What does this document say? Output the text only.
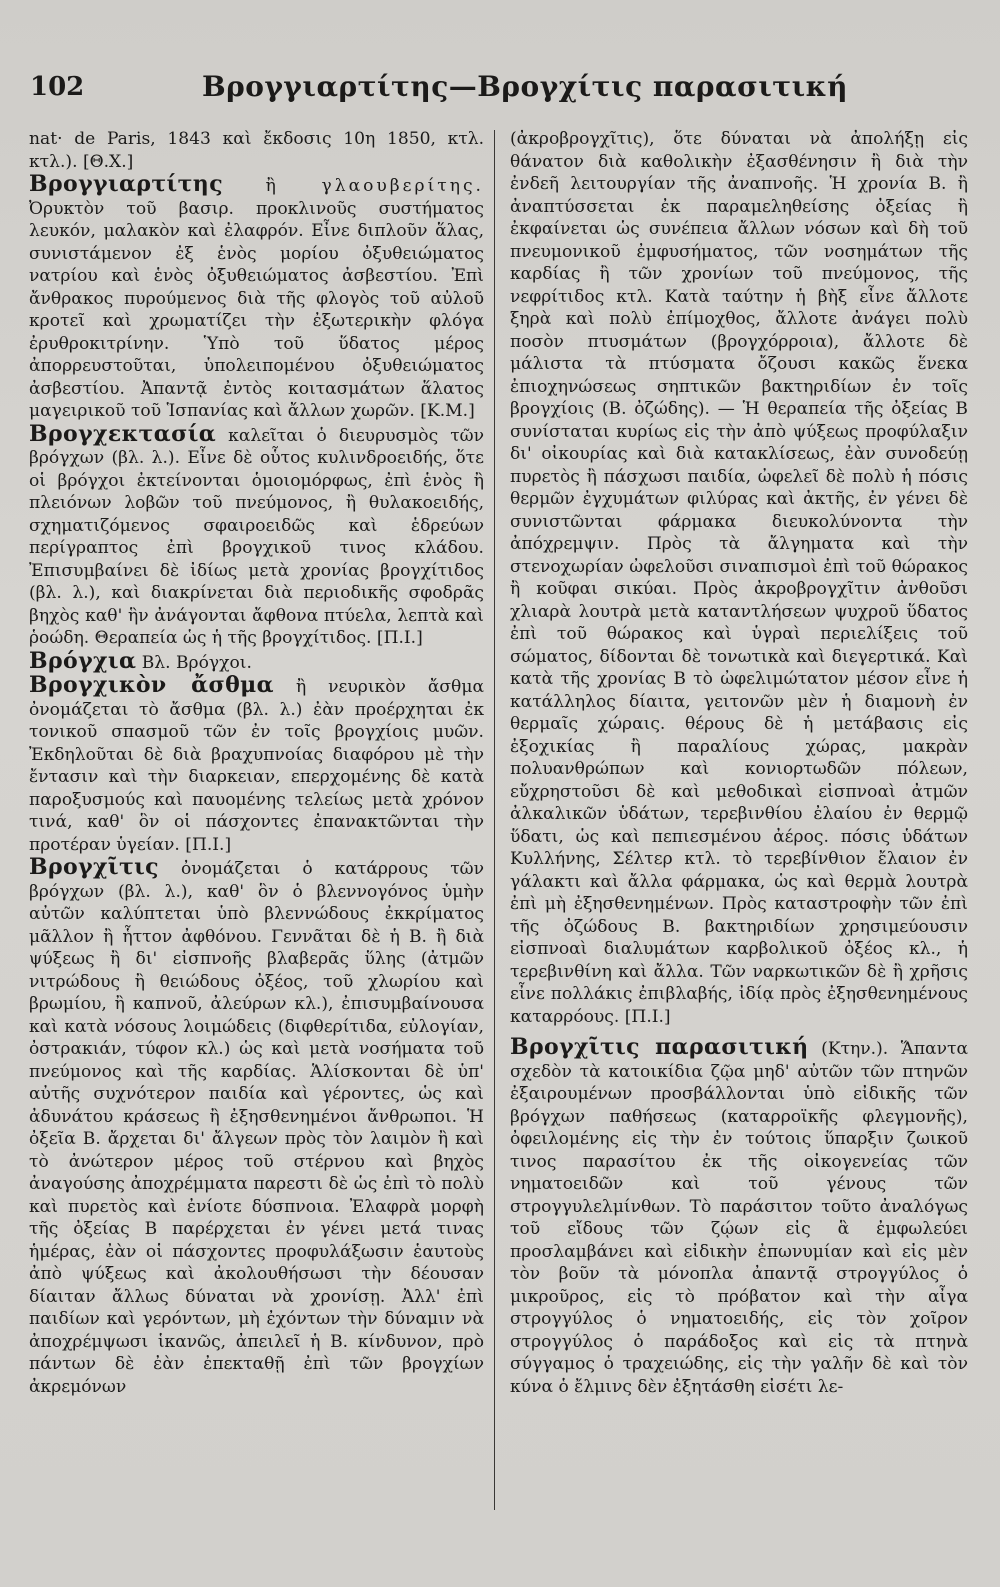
102	Βρογγιαρτίτης—Βρογχίτις παρασιτική

nat· de Paris, 1843 καὶ ἔκδοσις 10η 1850, κτλ. κτλ.). [Θ.Χ.]

Βρογγιαρτίτης ἢ γλαουβερίτης. Ὀρυκτὸν τοῦ βασιρ. προκλινοῦς συστήματος λευκόν, μαλακὸν καὶ ἐλαφρόν. Εἶνε διπλοῦν ἅλας, συνιστάμενον ἐξ ἑνὸς μορίου ὀξυθειώματος νατρίου καὶ ἑνὸς ὀξυθειώματος ἀσβεστίου. Ἐπὶ ἄνθρακος πυρούμενος διὰ τῆς φλογὸς τοῦ αὐλοῦ κροτεῖ καὶ χρωματίζει τὴν ἐξωτερικὴν φλόγα ἐρυθροκιτρίνην. Ὑπὸ τοῦ ὕδατος μέρος ἀπορρευστοῦται, ὑπολειπομένου ὀξυθειώματος ἀσβεστίου. Ἀπαντᾷ ἐντὸς κοιτασμάτων ἅλατος μαγειρικοῦ τοῦ Ἱσπανίας καὶ ἄλλων χωρῶν. [Κ.Μ.]

Βρογχεκτασία καλεῖται ὁ διευρυσμὸς τῶν βρόγχων (βλ. λ.). Εἶνε δὲ οὗτος κυλινδροειδής, ὅτε οἱ βρόγχοι ἐκτείνονται ὁμοιομόρφως, ἐπὶ ἑνὸς ἢ πλειόνων λοβῶν τοῦ πνεύμονος, ἢ θυλακοειδής, σχηματιζόμενος σφαιροειδῶς καὶ ἑδρεύων περίγραπτος ἐπὶ βρογχικοῦ τινος κλάδου. Ἐπισυμβαίνει δὲ ἰδίως μετὰ χρονίας βρογχίτιδος (βλ. λ.), καὶ διακρίνεται διὰ περιοδικῆς σφοδρᾶς βηχὸς καθ' ἣν ἀνάγονται ἄφθονα πτύελα, λεπτὰ καὶ ῥοώδη. Θεραπεία ὡς ἡ τῆς βρογχίτιδος. [Π.Ι.]

Βρόγχια Βλ. Βρόγχοι.

Βρογχικὸν ἄσθμα ἢ νευρικὸν ἄσθμα ὀνομάζεται τὸ ἄσθμα (βλ. λ.) ἐὰν προέρχηται ἐκ τονικοῦ σπασμοῦ τῶν ἐν τοῖς βρογχίοις μυῶν. Ἐκδηλοῦται δὲ διὰ βραχυπνοίας διαφόρου μὲ τὴν ἔντασιν καὶ τὴν διαρκειαν, επερχομένης δὲ κατὰ παροξυσμούς καὶ παυομένης τελείως μετὰ χρόνον τινά, καθ' ὃν οἱ πάσχοντες ἐπανακτῶνται τὴν προτέραν ὑγείαν. [Π.Ι.]

Βρογχῖτις ὀνομάζεται ὁ κατάρρους τῶν βρόγχων (βλ. λ.), καθ' ὃν ὁ βλεννογόνος ὑμὴν αὐτῶν καλύπτεται ὑπὸ βλεννώδους ἐκκρίματος μᾶλλον ἢ ἧττον ἀφθόνου. Γεννᾶται δὲ ἡ Β. ἢ διὰ ψύξεως ἢ δι' εἰσπνοῆς βλαβερᾶς ὕλης (ἀτμῶν νιτρώδους ἢ θειώδους ὀξέος, τοῦ χλωρίου καὶ βρωμίου, ἢ καπνοῦ, ἀλεύρων κλ.), ἐπισυμβαίνουσα καὶ κατὰ νόσους λοιμώδεις (διφθερίτιδα, εὐλογίαν, ὀστρακιάν, τύφον κλ.) ὡς καὶ μετὰ νοσήματα τοῦ πνεύμονος καὶ τῆς καρδίας. Ἁλίσκονται δὲ ὑπ' αὐτῆς συχνότερον παιδία καὶ γέροντες, ὡς καὶ ἀδυνάτου κράσεως ἢ ἐξησθενημένοι ἄνθρωποι. Ἡ ὀξεῖα Β. ἄρχεται δι' ἄλγεων πρὸς τὸν λαιμὸν ἢ καὶ τὸ ἀνώτερον μέρος τοῦ στέρνου καὶ βηχὸς ἀναγούσης ἀποχρέμματα παρεστι δὲ ὡς ἐπὶ τὸ πολὺ καὶ πυρετὸς καὶ ἐνίοτε δύσπνοια. Ἐλαφρὰ μορφὴ τῆς ὀξείας Β παρέρχεται ἐν γένει μετά τινας ἡμέρας, ἐὰν οἱ πάσχοντες προφυλάξωσιν ἑαυτοὺς ἀπὸ ψύξεως καὶ ἀκολουθήσωσι τὴν δέουσαν δίαιταν ἄλλως δύναται νὰ χρονίσῃ. Ἀλλ' ἐπὶ παιδίων καὶ γερόντων, μὴ ἐχόντων τὴν δύναμιν νὰ ἀποχρέμψωσι ἱκανῶς, ἀπειλεῖ ἡ Β. κίνδυνον, πρὸ πάντων δὲ ἐὰν ἐπεκταθῇ ἐπὶ τῶν βρογχίων ἀκρεμόνων

(ἀκροβρογχῖτις), ὅτε δύναται νὰ ἀπολήξῃ εἰς θάνατον διὰ καθολικὴν ἐξασθένησιν ἢ διὰ τὴν ἐνδεῆ λειτουργίαν τῆς ἀναπνοῆς. Ἡ χρονία Β. ἢ ἀναπτύσσεται ἐκ παραμεληθείσης ὀξείας ἢ ἐκφαίνεται ὡς συνέπεια ἄλλων νόσων καὶ δὴ τοῦ πνευμονικοῦ ἐμφυσήματος, τῶν νοσημάτων τῆς καρδίας ἢ τῶν χρονίων τοῦ πνεύμονος, τῆς νεφρίτιδος κτλ. Κατὰ ταύτην ἡ βὴξ εἶνε ἄλλοτε ξηρὰ καὶ πολὺ ἐπίμοχθος, ἄλλοτε ἀνάγει πολὺ ποσὸν πτυσμάτων (βρογχόρροια), ἄλλοτε δὲ μάλιστα τὰ πτύσματα ὄζουσι κακῶς ἕνεκα ἐπιοχηνώσεως σηπτικῶν βακτηριδίων ἐν τοῖς βρογχίοις (Β. ὀζώδης). — Ἡ θεραπεία τῆς ὀξείας Β συνίσταται κυρίως εἰς τὴν ἀπὸ ψύξεως προφύλαξιν δι' οἰκουρίας καὶ διὰ κατακλίσεως, ἐὰν συνοδεύῃ πυρετὸς ἢ πάσχωσι παιδία, ὠφελεῖ δὲ πολὺ ἡ πόσις θερμῶν ἐγχυμάτων φιλύρας καὶ ἀκτῆς, ἐν γένει δὲ συνιστῶνται φάρμακα διευκολύνοντα τὴν ἀπόχρεμψιν. Πρὸς τὰ ἄλγηματα καὶ τὴν στενοχωρίαν ὠφελοῦσι σιναπισμοὶ ἐπὶ τοῦ θώρακος ἢ κοῦφαι σικύαι. Πρὸς ἀκροβρογχῖτιν ἀνθοῦσι χλιαρὰ λουτρὰ μετὰ καταντλήσεων ψυχροῦ ὕδατος ἐπὶ τοῦ θώρακος καὶ ὑγραὶ περιελίξεις τοῦ σώματος, δίδονται δὲ τονωτικὰ καὶ διεγερτικά. Καὶ κατὰ τῆς χρονίας Β τὸ ὠφελιμώτατον μέσον εἶνε ἡ κατάλληλος δίαιτα, γειτονῶν μὲν ἡ διαμονὴ ἐν θερμαῖς χώραις. θέρους δὲ ἡ μετάβασις εἰς ἐξοχικίας ἢ παραλίους χώρας, μακρὰν πολυανθρώπων καὶ κονιορτωδῶν πόλεων, εὔχρηστοῦσι δὲ καὶ μεθοδικαὶ εἰσπνοαὶ ἀτμῶν ἀλκαλικῶν ὑδάτων, τερεβινθίου ἐλαίου ἐν θερμῷ ὕδατι, ὡς καὶ πεπιεσμένου ἀέρος. πόσις ὑδάτων Κυλλήνης, Σέλτερ κτλ. τὸ τερεβίνθιον ἔλαιον ἐν γάλακτι καὶ ἄλλα φάρμακα, ὡς καὶ θερμὰ λουτρὰ ἐπὶ μὴ ἐξησθενημένων. Πρὸς καταστροφὴν τῶν ἐπὶ τῆς ὀζώδους Β. βακτηριδίων χρησιμεύουσιν εἰσπνοαὶ διαλυμάτων καρβολικοῦ ὀξέος κλ., ἡ τερεβινθίνη καὶ ἄλλα. Τῶν ναρκωτικῶν δὲ ἢ χρῆσις εἶνε πολλάκις ἐπιβλαβής, ἰδίᾳ πρὸς ἐξησθενημένους καταρρόους. [Π.Ι.]

Βρογχῖτις παρασιτική (Κτην.). Ἅπαντα σχεδὸν τὰ κατοικίδια ζῷα μηδ' αὐτῶν τῶν πτηνῶν ἐξαιρουμένων προσβάλλονται ὑπὸ εἰδικῆς τῶν βρόγχων παθήσεως (καταρροϊκῆς φλεγμονῆς), ὀφειλομένης εἰς τὴν ἐν τούτοις ὕπαρξιν ζωικοῦ τινος παρασίτου ἐκ τῆς οἰκογενείας τῶν νηματοειδῶν καὶ τοῦ γένους τῶν στρογγυλελμίνθων. Τὸ παράσιτον τοῦτο ἀναλόγως τοῦ εἴδους τῶν ζῴων εἰς ἃ ἐμφωλεύει προσλαμβάνει καὶ εἰδικὴν ἐπωνυμίαν καὶ εἰς μὲν τὸν βοῦν τὰ μόνοπλα ἀπαντᾷ στρογγύλος ὁ μικροῦρος, εἰς τὸ πρόβατον καὶ τὴν αἶγα στρογγύλος ὁ νηματοειδής, εἰς τὸν χοῖρον στρογγύλος ὁ παράδοξος καὶ εἰς τὰ πτηνὰ σύγγαμος ὁ τραχειώδης, εἰς τὴν γαλῆν δὲ καὶ τὸν κύνα ὁ ἔλμινς δὲν ἐξητάσθη εἰσέτι λε-
